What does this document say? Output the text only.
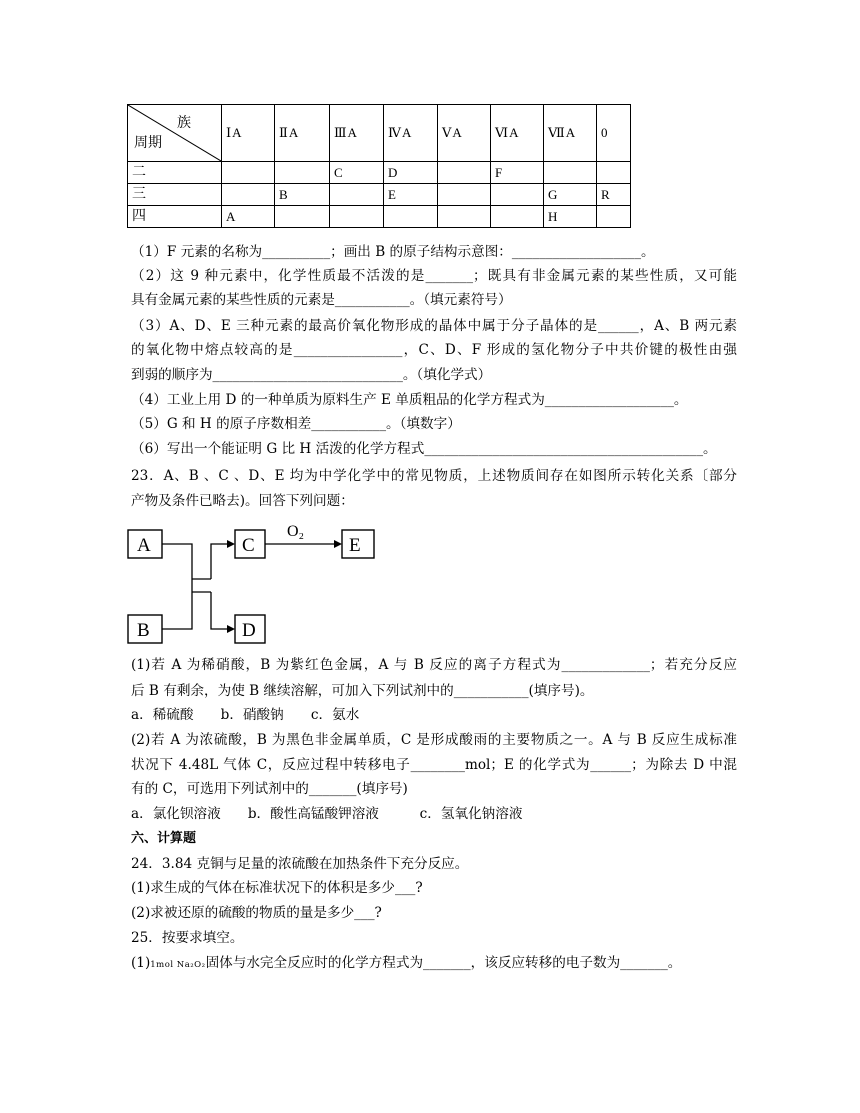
族
周期	ⅠA	ⅡA	ⅢA	ⅣA	ⅤA	ⅥA	ⅦA	0
二			C	D		F		
三		B		E			G	R
四	A						H	
（1）F 元素的名称为__________；画出 B 的原子结构示意图：___________________。
（2）这 9 种元素中，化学性质最不活泼的是_______；既具有非金属元素的某些性质，又可能
具有金属元素的某些性质的元素是___________。（填元素符号）
（3）A、D、E 三种元素的最高价氧化物形成的晶体中属于分子晶体的是______，A、B 两元素
的氧化物中熔点较高的是________________，C、D、F 形成的氢化物分子中共价键的极性由强
到弱的顺序为____________________________。（填化学式）
（4）工业上用 D 的一种单质为原料生产 E 单质粗品的化学方程式为___________________。
（5）G 和 H 的原子序数相差___________。（填数字）
（6）写出一个能证明 G 比 H 活泼的化学方程式_________________________________________。
23．A、B 、C 、D、E 均为中学化学中的常见物质，上述物质间存在如图所示转化关系〔部分
产物及条件已略去)。回答下列问题：
A
B
C
D
E
O₂
(1)若 A 为稀硝酸，B 为紫红色金属，A 与 B 反应的离子方程式为_____________；若充分反应
后 B 有剩余，为使 B 继续溶解，可加入下列试剂中的___________(填序号)。
a．稀硫酸　　b．硝酸钠　　c．氨水
(2)若 A 为浓硫酸，B 为黑色非金属单质，C 是形成酸雨的主要物质之一。A 与 B 反应生成标准
状况下 4.48L 气体 C，反应过程中转移电子________mol；E 的化学式为______；为除去 D 中混
有的 C，可选用下列试剂中的_______(填序号)
a．氯化钡溶液　　b．酸性高锰酸钾溶液　　　c．氢氧化钠溶液
六、计算题
24．3.84 克铜与足量的浓硫酸在加热条件下充分反应。
(1)求生成的气体在标准状况下的体积是多少___?
(2)求被还原的硫酸的物质的量是多少___?
25．按要求填空。
(1)1mol Na₂O₂固体与水完全反应时的化学方程式为_______，该反应转移的电子数为_______。
